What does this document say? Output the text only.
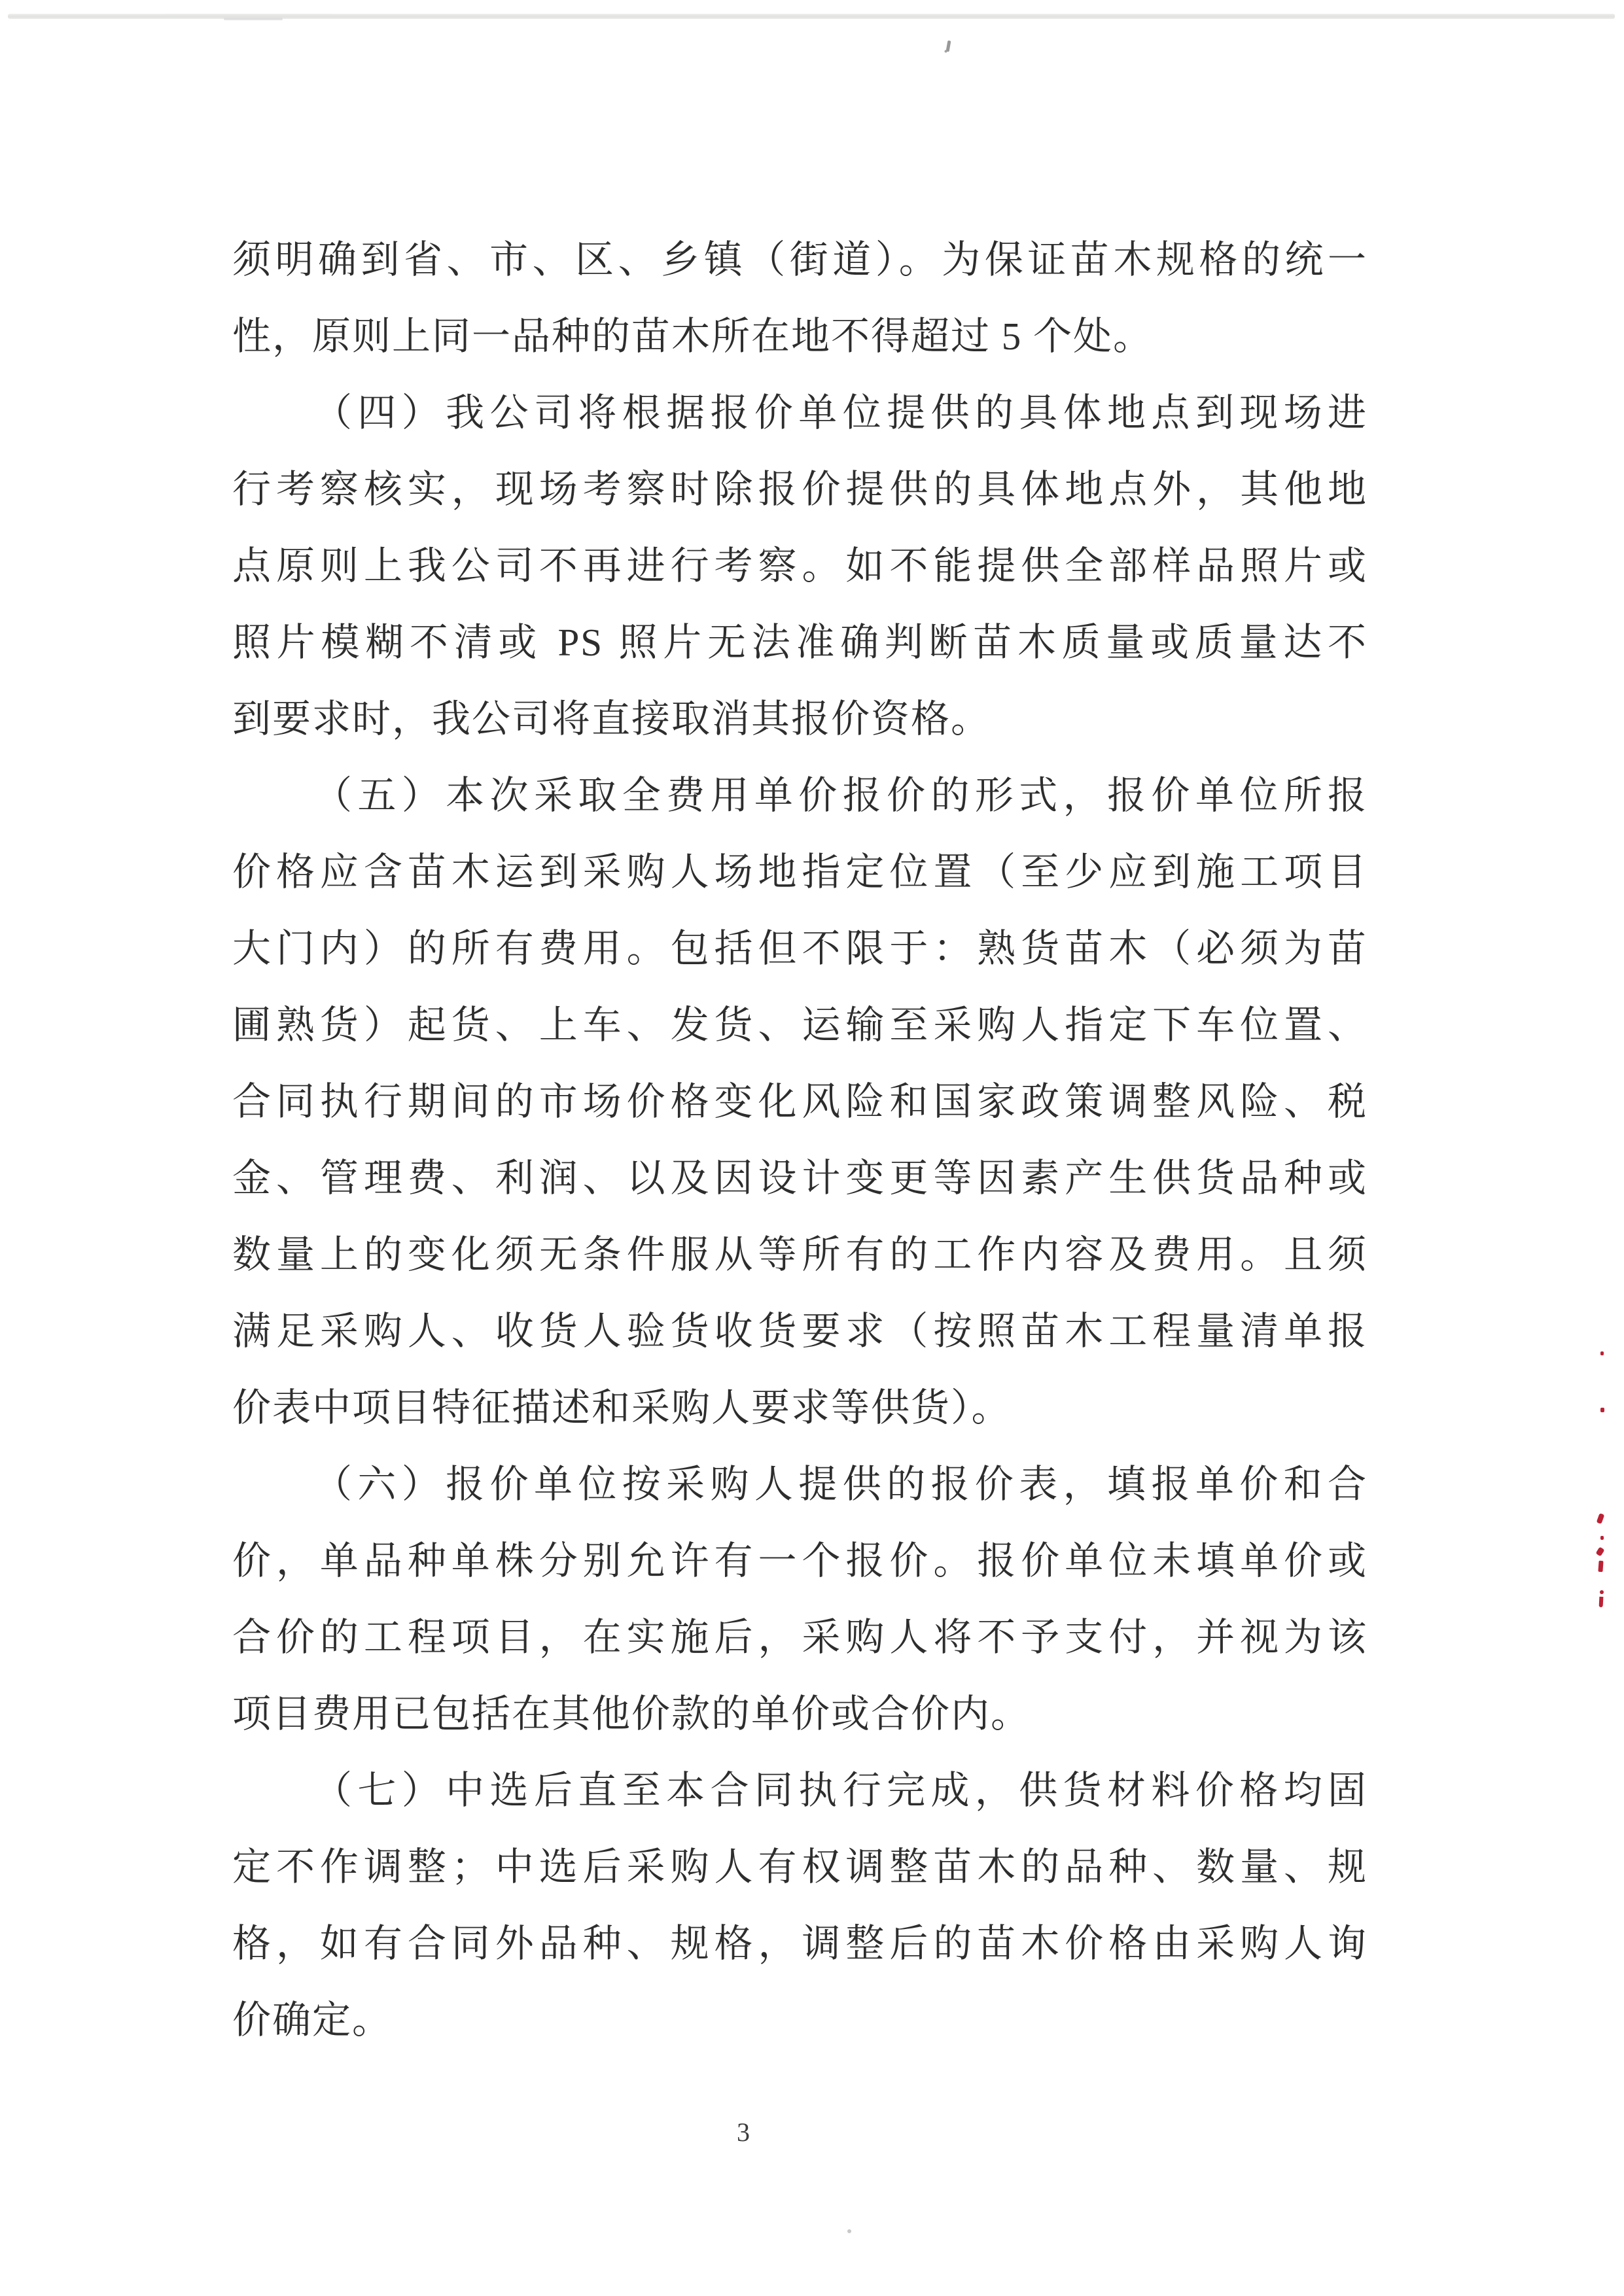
须明确到省、市、区、乡镇（街道）。为保证苗木规格的统一
性，原则上同一品种的苗木所在地不得超过 5 个处。
（四）我公司将根据报价单位提供的具体地点到现场进
行考察核实，现场考察时除报价提供的具体地点外，其他地
点原则上我公司不再进行考察。如不能提供全部样品照片或
照片模糊不清或 PS 照片无法准确判断苗木质量或质量达不
到要求时，我公司将直接取消其报价资格。
（五）本次采取全费用单价报价的形式，报价单位所报
价格应含苗木运到采购人场地指定位置（至少应到施工项目
大门内）的所有费用。包括但不限于：熟货苗木（必须为苗
圃熟货）起货、上车、发货、运输至采购人指定下车位置、
合同执行期间的市场价格变化风险和国家政策调整风险、税
金、管理费、利润、以及因设计变更等因素产生供货品种或
数量上的变化须无条件服从等所有的工作内容及费用。且须
满足采购人、收货人验货收货要求（按照苗木工程量清单报
价表中项目特征描述和采购人要求等供货）。
（六）报价单位按采购人提供的报价表，填报单价和合
价，单品种单株分别允许有一个报价。报价单位未填单价或
合价的工程项目，在实施后，采购人将不予支付，并视为该
项目费用已包括在其他价款的单价或合价内。
（七）中选后直至本合同执行完成，供货材料价格均固
定不作调整；中选后采购人有权调整苗木的品种、数量、规
格，如有合同外品种、规格，调整后的苗木价格由采购人询
价确定。
3
